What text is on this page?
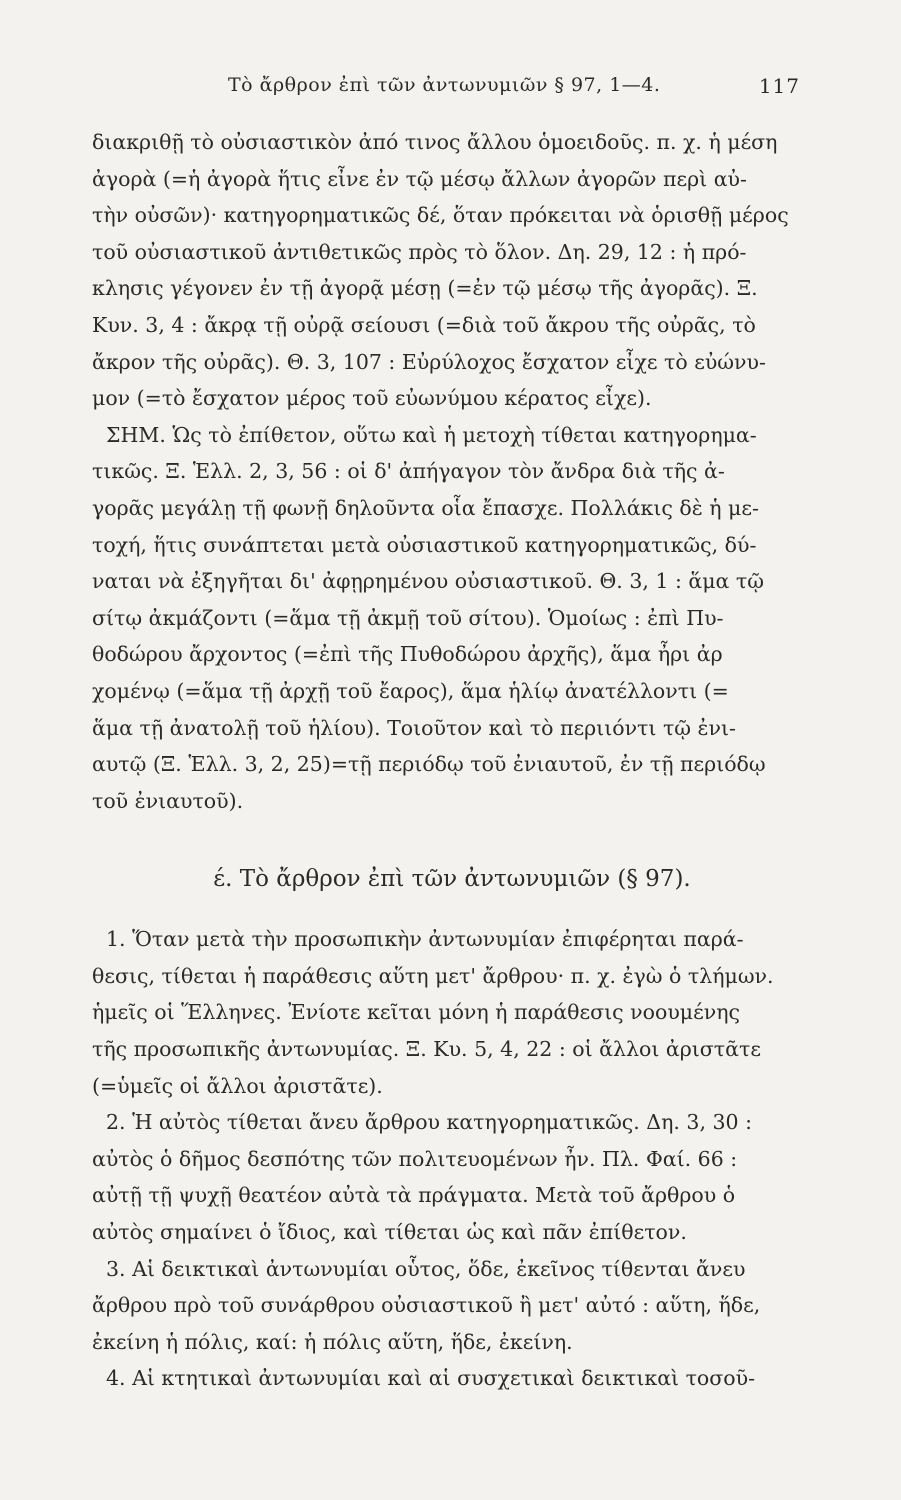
Τὸ ἄρθρον ἐπὶ τῶν ἀντωνυμιῶν § 97, 1—4.	117
διακριθῇ τὸ οὐσιαστικὸν ἀπό τινος ἄλλου ὁμοειδοῦς. π. χ. ἡ μέση
ἀγορὰ (=ἡ ἀγορὰ ἥτις εἶνε ἐν τῷ μέσῳ ἄλλων ἀγορῶν περὶ αὐ-
τὴν οὐσῶν)· κατηγορηματικῶς δέ, ὅταν πρόκειται νὰ ὁρισθῇ μέρος
τοῦ οὐσιαστικοῦ ἀντιθετικῶς πρὸς τὸ ὅλον. Δη. 29, 12 : ἡ πρό-
κλησις γέγονεν ἐν τῇ ἀγορᾷ μέσῃ (=ἐν τῷ μέσῳ τῆς ἀγορᾶς). Ξ.
Κυν. 3, 4 : ἄκρᾳ τῇ οὐρᾷ σείουσι (=διὰ τοῦ ἄκρου τῆς οὐρᾶς, τὸ
ἄκρον τῆς οὐρᾶς). Θ. 3, 107 : Εὐρύλοχος ἔσχατον εἶχε τὸ εὐώνυ-
μον (=τὸ ἔσχατον μέρος τοῦ εὐωνύμου κέρατος εἶχε).
ΣΗΜ. Ὡς τὸ ἐπίθετον, οὕτω καὶ ἡ μετοχὴ τίθεται κατηγορημα-
τικῶς. Ξ. Ἑλλ. 2, 3, 56 : οἱ δ' ἀπήγαγον τὸν ἄνδρα διὰ τῆς ἀ-
γορᾶς μεγάλῃ τῇ φωνῇ δηλοῦντα οἷα ἔπασχε. Πολλάκις δὲ ἡ με-
τοχή, ἥτις συνάπτεται μετὰ οὐσιαστικοῦ κατηγορηματικῶς, δύ-
ναται νὰ ἐξηγῆται δι' ἀφῃρημένου οὐσιαστικοῦ. Θ. 3, 1 : ἅμα τῷ
σίτῳ ἀκμάζοντι (=ἅμα τῇ ἀκμῇ τοῦ σίτου). Ὁμοίως : ἐπὶ Πυ-
θοδώρου ἄρχοντος (=ἐπὶ τῆς Πυθοδώρου ἀρχῆς), ἅμα ἦρι ἀρ
χομένῳ (=ἅμα τῇ ἀρχῇ τοῦ ἔαρος), ἅμα ἡλίῳ ἀνατέλλοντι (=
ἅμα τῇ ἀνατολῇ τοῦ ἡλίου). Τοιοῦτον καὶ τὸ περιιόντι τῷ ἐνι-
αυτῷ (Ξ. Ἑλλ. 3, 2, 25)=τῇ περιόδῳ τοῦ ἐνιαυτοῦ, ἐν τῇ περιόδῳ
τοῦ ἐνιαυτοῦ).
έ. Τὸ ἄρθρον ἐπὶ τῶν ἀντωνυμιῶν (§ 97).
1. Ὅταν μετὰ τὴν προσωπικὴν ἀντωνυμίαν ἐπιφέρηται παρά-
θεσις, τίθεται ἡ παράθεσις αὕτη μετ' ἄρθρου· π. χ. ἐγὼ ὁ τλήμων.
ἡμεῖς οἱ Ἕλληνες. Ἐνίοτε κεῖται μόνη ἡ παράθεσις νοουμένης
τῆς προσωπικῆς ἀντωνυμίας. Ξ. Κυ. 5, 4, 22 : οἱ ἄλλοι ἀριστᾶτε
(=ὑμεῖς οἱ ἄλλοι ἀριστᾶτε).
2. Ἡ αὐτὸς τίθεται ἄνευ ἄρθρου κατηγορηματικῶς. Δη. 3, 30 :
αὐτὸς ὁ δῆμος δεσπότης τῶν πολιτευομένων ἦν. Πλ. Φαί. 66 :
αὐτῇ τῇ ψυχῇ θεατέον αὐτὰ τὰ πράγματα. Μετὰ τοῦ ἄρθρου ὁ
αὐτὸς σημαίνει ὁ ἴδιος, καὶ τίθεται ὡς καὶ πᾶν ἐπίθετον.
3. Αἱ δεικτικαὶ ἀντωνυμίαι οὗτος, ὅδε, ἐκεῖνος τίθενται ἄνευ
ἄρθρου πρὸ τοῦ συνάρθρου οὐσιαστικοῦ ἢ μετ' αὐτό : αὕτη, ἥδε,
ἐκείνη ἡ πόλις, καί: ἡ πόλις αὕτη, ἥδε, ἐκείνη.
4. Αἱ κτητικαὶ ἀντωνυμίαι καὶ αἱ συσχετικαὶ δεικτικαὶ τοσοῦ-
